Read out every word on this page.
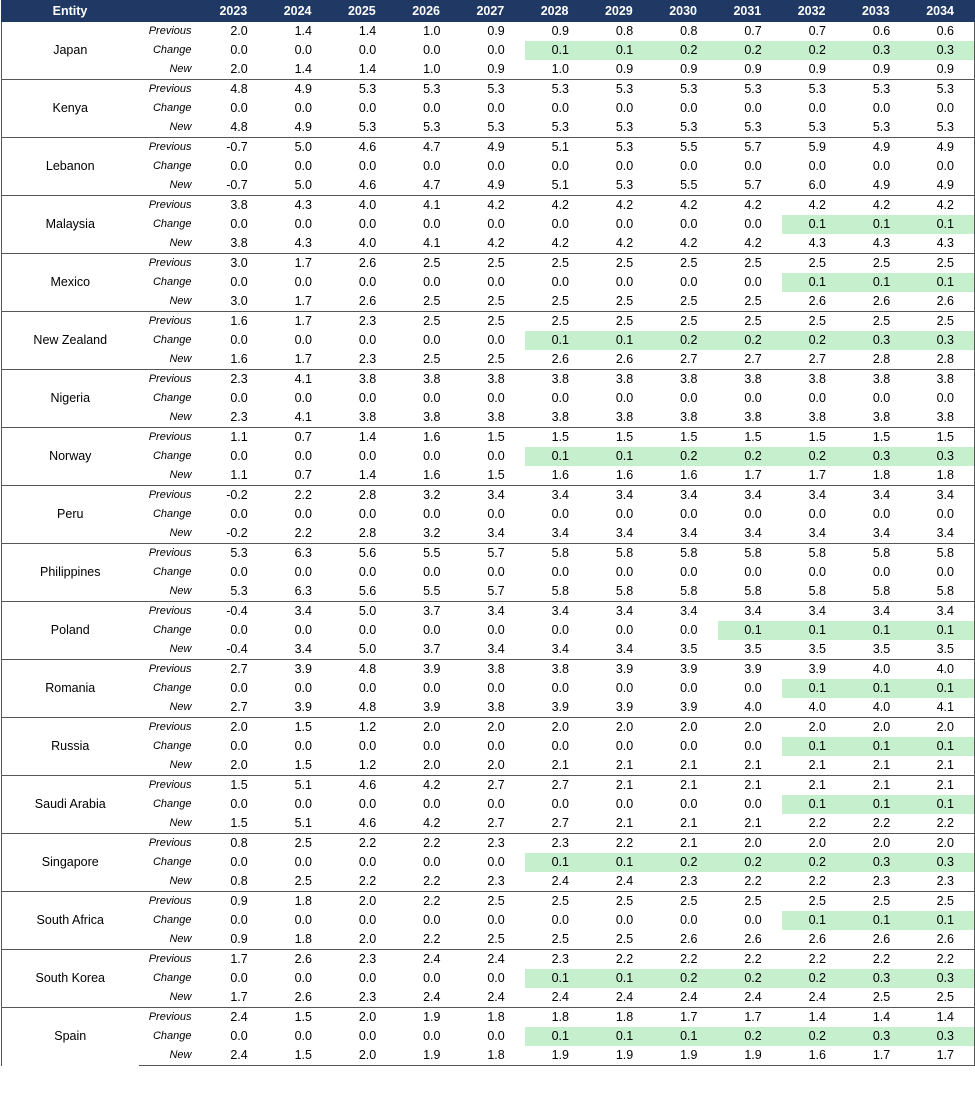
Entity		2023	2024	2025	2026	2027	2028	2029	2030	2031	2032	2033	2034
Japan	Previous	2.0	1.4	1.4	1.0	0.9	0.9	0.8	0.8	0.7	0.7	0.6	0.6
	Change	0.0	0.0	0.0	0.0	0.0	0.1	0.1	0.2	0.2	0.2	0.3	0.3
	New	2.0	1.4	1.4	1.0	0.9	1.0	0.9	0.9	0.9	0.9	0.9	0.9
Kenya	Previous	4.8	4.9	5.3	5.3	5.3	5.3	5.3	5.3	5.3	5.3	5.3	5.3
	Change	0.0	0.0	0.0	0.0	0.0	0.0	0.0	0.0	0.0	0.0	0.0	0.0
	New	4.8	4.9	5.3	5.3	5.3	5.3	5.3	5.3	5.3	5.3	5.3	5.3
Lebanon	Previous	-0.7	5.0	4.6	4.7	4.9	5.1	5.3	5.5	5.7	5.9	4.9	4.9
	Change	0.0	0.0	0.0	0.0	0.0	0.0	0.0	0.0	0.0	0.0	0.0	0.0
	New	-0.7	5.0	4.6	4.7	4.9	5.1	5.3	5.5	5.7	6.0	4.9	4.9
Malaysia	Previous	3.8	4.3	4.0	4.1	4.2	4.2	4.2	4.2	4.2	4.2	4.2	4.2
	Change	0.0	0.0	0.0	0.0	0.0	0.0	0.0	0.0	0.0	0.1	0.1	0.1
	New	3.8	4.3	4.0	4.1	4.2	4.2	4.2	4.2	4.2	4.3	4.3	4.3
Mexico	Previous	3.0	1.7	2.6	2.5	2.5	2.5	2.5	2.5	2.5	2.5	2.5	2.5
	Change	0.0	0.0	0.0	0.0	0.0	0.0	0.0	0.0	0.0	0.1	0.1	0.1
	New	3.0	1.7	2.6	2.5	2.5	2.5	2.5	2.5	2.5	2.6	2.6	2.6
New Zealand	Previous	1.6	1.7	2.3	2.5	2.5	2.5	2.5	2.5	2.5	2.5	2.5	2.5
	Change	0.0	0.0	0.0	0.0	0.0	0.1	0.1	0.2	0.2	0.2	0.3	0.3
	New	1.6	1.7	2.3	2.5	2.5	2.6	2.6	2.7	2.7	2.7	2.8	2.8
Nigeria	Previous	2.3	4.1	3.8	3.8	3.8	3.8	3.8	3.8	3.8	3.8	3.8	3.8
	Change	0.0	0.0	0.0	0.0	0.0	0.0	0.0	0.0	0.0	0.0	0.0	0.0
	New	2.3	4.1	3.8	3.8	3.8	3.8	3.8	3.8	3.8	3.8	3.8	3.8
Norway	Previous	1.1	0.7	1.4	1.6	1.5	1.5	1.5	1.5	1.5	1.5	1.5	1.5
	Change	0.0	0.0	0.0	0.0	0.0	0.1	0.1	0.2	0.2	0.2	0.3	0.3
	New	1.1	0.7	1.4	1.6	1.5	1.6	1.6	1.6	1.7	1.7	1.8	1.8
Peru	Previous	-0.2	2.2	2.8	3.2	3.4	3.4	3.4	3.4	3.4	3.4	3.4	3.4
	Change	0.0	0.0	0.0	0.0	0.0	0.0	0.0	0.0	0.0	0.0	0.0	0.0
	New	-0.2	2.2	2.8	3.2	3.4	3.4	3.4	3.4	3.4	3.4	3.4	3.4
Philippines	Previous	5.3	6.3	5.6	5.5	5.7	5.8	5.8	5.8	5.8	5.8	5.8	5.8
	Change	0.0	0.0	0.0	0.0	0.0	0.0	0.0	0.0	0.0	0.0	0.0	0.0
	New	5.3	6.3	5.6	5.5	5.7	5.8	5.8	5.8	5.8	5.8	5.8	5.8
Poland	Previous	-0.4	3.4	5.0	3.7	3.4	3.4	3.4	3.4	3.4	3.4	3.4	3.4
	Change	0.0	0.0	0.0	0.0	0.0	0.0	0.0	0.0	0.1	0.1	0.1	0.1
	New	-0.4	3.4	5.0	3.7	3.4	3.4	3.4	3.5	3.5	3.5	3.5	3.5
Romania	Previous	2.7	3.9	4.8	3.9	3.8	3.8	3.9	3.9	3.9	3.9	4.0	4.0
	Change	0.0	0.0	0.0	0.0	0.0	0.0	0.0	0.0	0.0	0.1	0.1	0.1
	New	2.7	3.9	4.8	3.9	3.8	3.9	3.9	3.9	4.0	4.0	4.0	4.1
Russia	Previous	2.0	1.5	1.2	2.0	2.0	2.0	2.0	2.0	2.0	2.0	2.0	2.0
	Change	0.0	0.0	0.0	0.0	0.0	0.0	0.0	0.0	0.0	0.1	0.1	0.1
	New	2.0	1.5	1.2	2.0	2.0	2.1	2.1	2.1	2.1	2.1	2.1	2.1
Saudi Arabia	Previous	1.5	5.1	4.6	4.2	2.7	2.7	2.1	2.1	2.1	2.1	2.1	2.1
	Change	0.0	0.0	0.0	0.0	0.0	0.0	0.0	0.0	0.0	0.1	0.1	0.1
	New	1.5	5.1	4.6	4.2	2.7	2.7	2.1	2.1	2.1	2.2	2.2	2.2
Singapore	Previous	0.8	2.5	2.2	2.2	2.3	2.3	2.2	2.1	2.0	2.0	2.0	2.0
	Change	0.0	0.0	0.0	0.0	0.0	0.1	0.1	0.2	0.2	0.2	0.3	0.3
	New	0.8	2.5	2.2	2.2	2.3	2.4	2.4	2.3	2.2	2.2	2.3	2.3
South Africa	Previous	0.9	1.8	2.0	2.2	2.5	2.5	2.5	2.5	2.5	2.5	2.5	2.5
	Change	0.0	0.0	0.0	0.0	0.0	0.0	0.0	0.0	0.0	0.1	0.1	0.1
	New	0.9	1.8	2.0	2.2	2.5	2.5	2.5	2.6	2.6	2.6	2.6	2.6
South Korea	Previous	1.7	2.6	2.3	2.4	2.4	2.3	2.2	2.2	2.2	2.2	2.2	2.2
	Change	0.0	0.0	0.0	0.0	0.0	0.1	0.1	0.2	0.2	0.2	0.3	0.3
	New	1.7	2.6	2.3	2.4	2.4	2.4	2.4	2.4	2.4	2.4	2.5	2.5
Spain	Previous	2.4	1.5	2.0	1.9	1.8	1.8	1.8	1.7	1.7	1.4	1.4	1.4
	Change	0.0	0.0	0.0	0.0	0.0	0.1	0.1	0.1	0.2	0.2	0.3	0.3
	New	2.4	1.5	2.0	1.9	1.8	1.9	1.9	1.9	1.9	1.6	1.7	1.7
